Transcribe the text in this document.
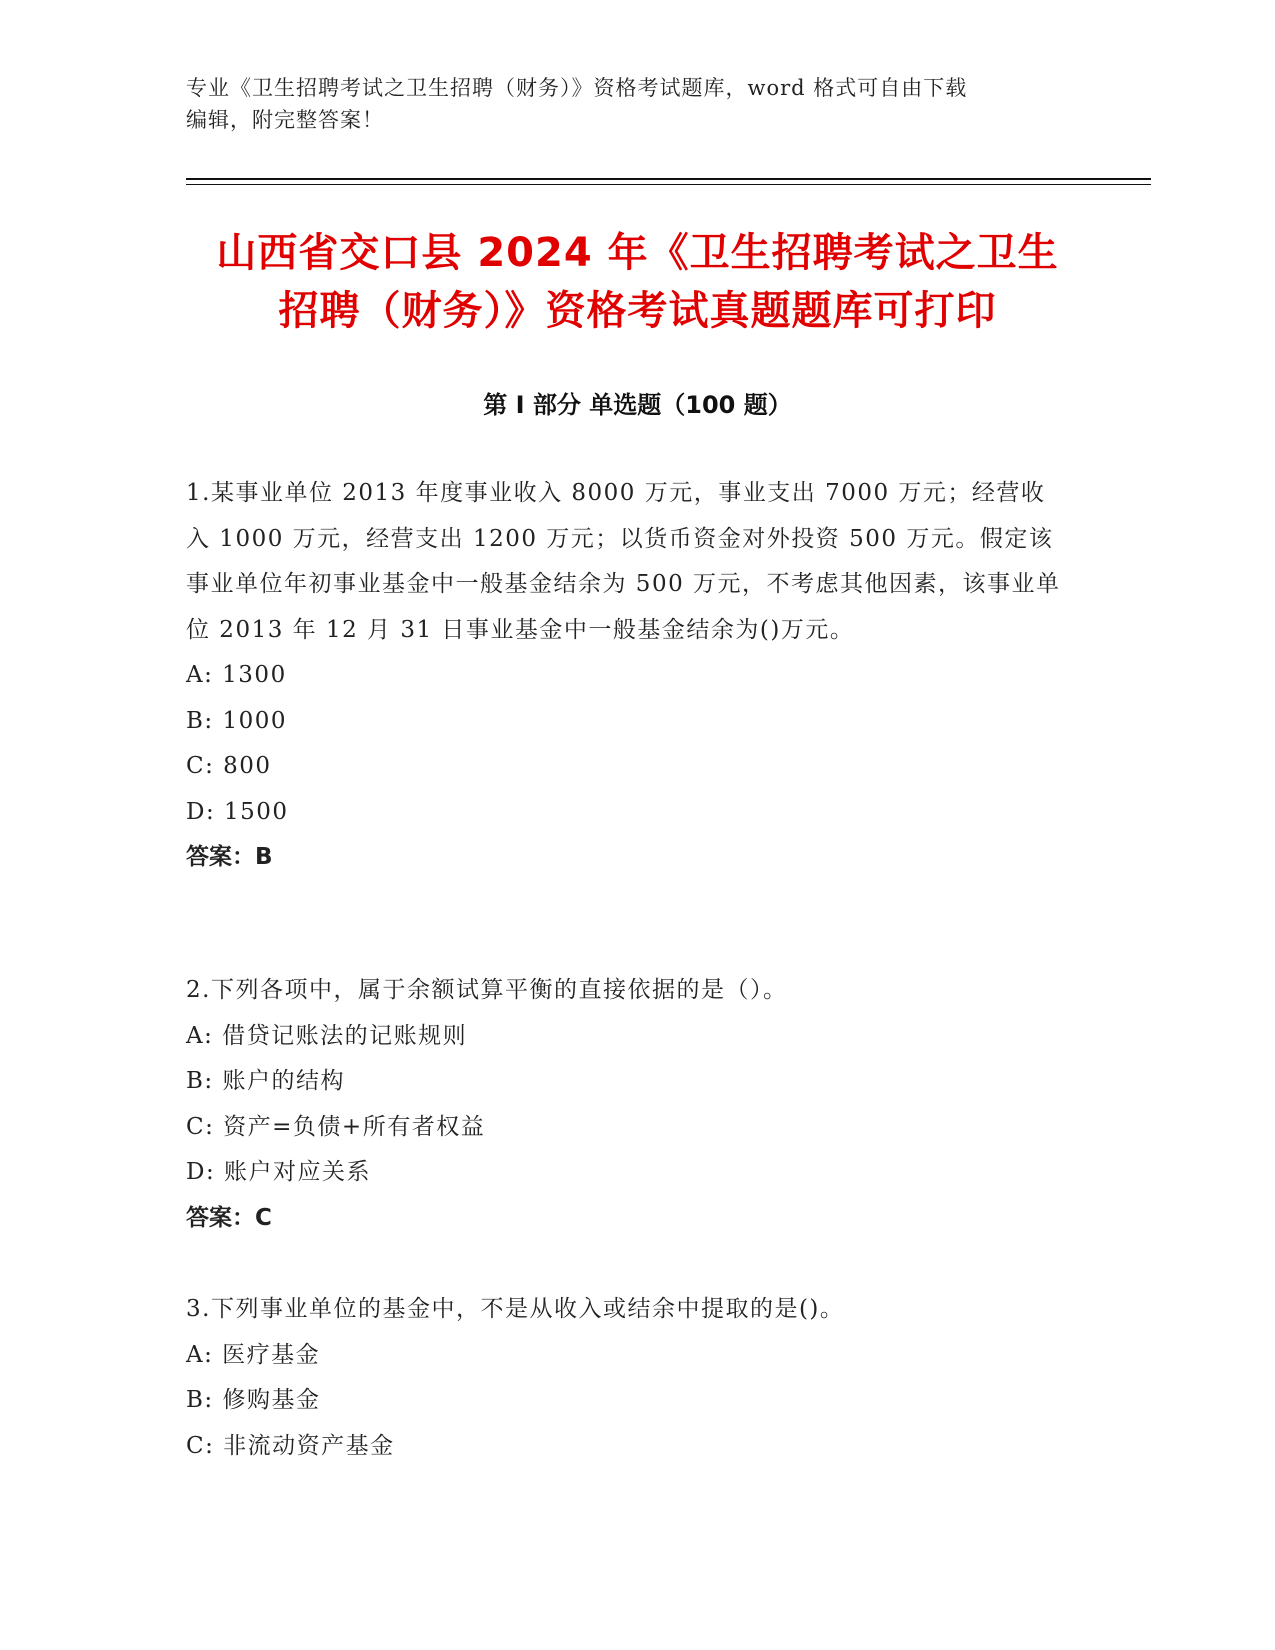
专业《卫生招聘考试之卫生招聘（财务）》资格考试题库，word 格式可自由下载
编辑，附完整答案！
山西省交口县 2024 年《卫生招聘考试之卫生
招聘（财务）》资格考试真题题库可打印
第 I 部分 单选题（100 题）

1.某事业单位 2013 年度事业收入 8000 万元，事业支出 7000 万元；经营收入 1000 万元，经营支出 1200 万元；以货币资金对外投资 500 万元。假定该事业单位年初事业基金中一般基金结余为 500 万元，不考虑其他因素，该事业单位 2013 年 12 月 31 日事业基金中一般基金结余为()万元。

A: 1300

B: 1000

C: 800

D: 1500

答案：B

2.下列各项中，属于余额试算平衡的直接依据的是（）。

A: 借贷记账法的记账规则

B: 账户的结构

C: 资产=负债+所有者权益

D: 账户对应关系

答案：C

3.下列事业单位的基金中，不是从收入或结余中提取的是()。

A: 医疗基金

B: 修购基金

C: 非流动资产基金
